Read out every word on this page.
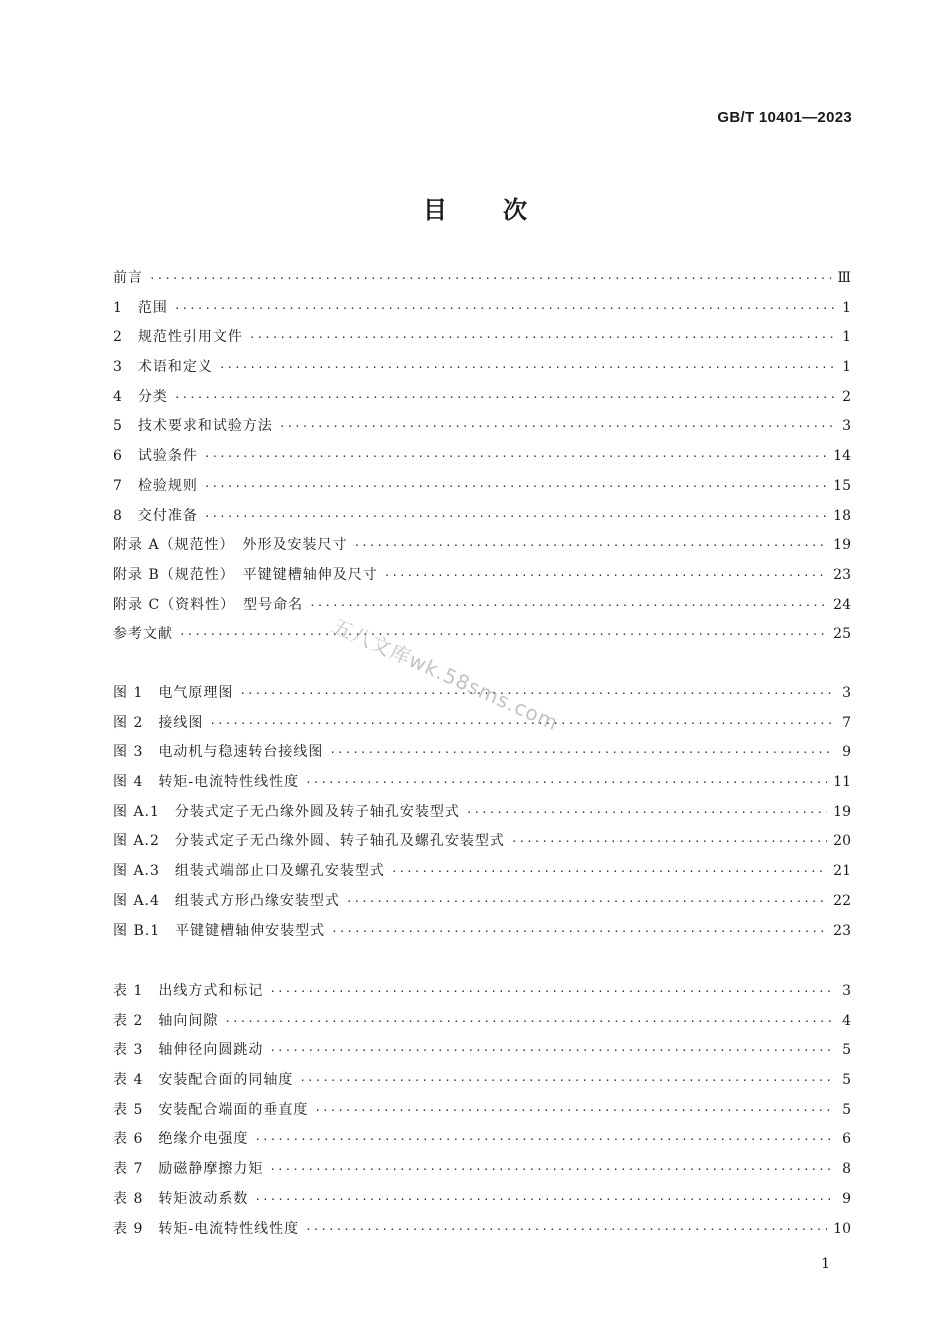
GB/T 10401—2023
目次
前言 ·····	Ⅲ
1　范围 ·····	1
2　规范性引用文件 ·····	1
3　术语和定义 ·····	1
4　分类 ·····	2
5　技术要求和试验方法 ·····	3
6　试验条件 ·····	14
7　检验规则 ·····	15
8　交付准备 ·····	18
附录 A（规范性）　外形及安装尺寸 ·····	19
附录 B（规范性）　平键键槽轴伸及尺寸 ·····	23
附录 C（资料性）　型号命名 ·····	24
参考文献 ·····	25
图 1　电气原理图 ·····	3
图 2　接线图 ·····	7
图 3　电动机与稳速转台接线图 ·····	9
图 4　转矩-电流特性线性度 ·····	11
图 A.1　分装式定子无凸缘外圆及转子轴孔安装型式 ·····	19
图 A.2　分装式定子无凸缘外圆、转子轴孔及螺孔安装型式 ·····	20
图 A.3　组装式端部止口及螺孔安装型式 ·····	21
图 A.4　组装式方形凸缘安装型式 ·····	22
图 B.1　平键键槽轴伸安装型式 ·····	23
表 1　出线方式和标记 ·····	3
表 2　轴向间隙 ·····	4
表 3　轴伸径向圆跳动 ·····	5
表 4　安装配合面的同轴度 ·····	5
表 5　安装配合端面的垂直度 ·····	5
表 6　绝缘介电强度 ·····	6
表 7　励磁静摩擦力矩 ·····	8
表 8　转矩波动系数 ·····	9
表 9　转矩-电流特性线性度 ·····	10
1
五八文库wk.58sms.com
